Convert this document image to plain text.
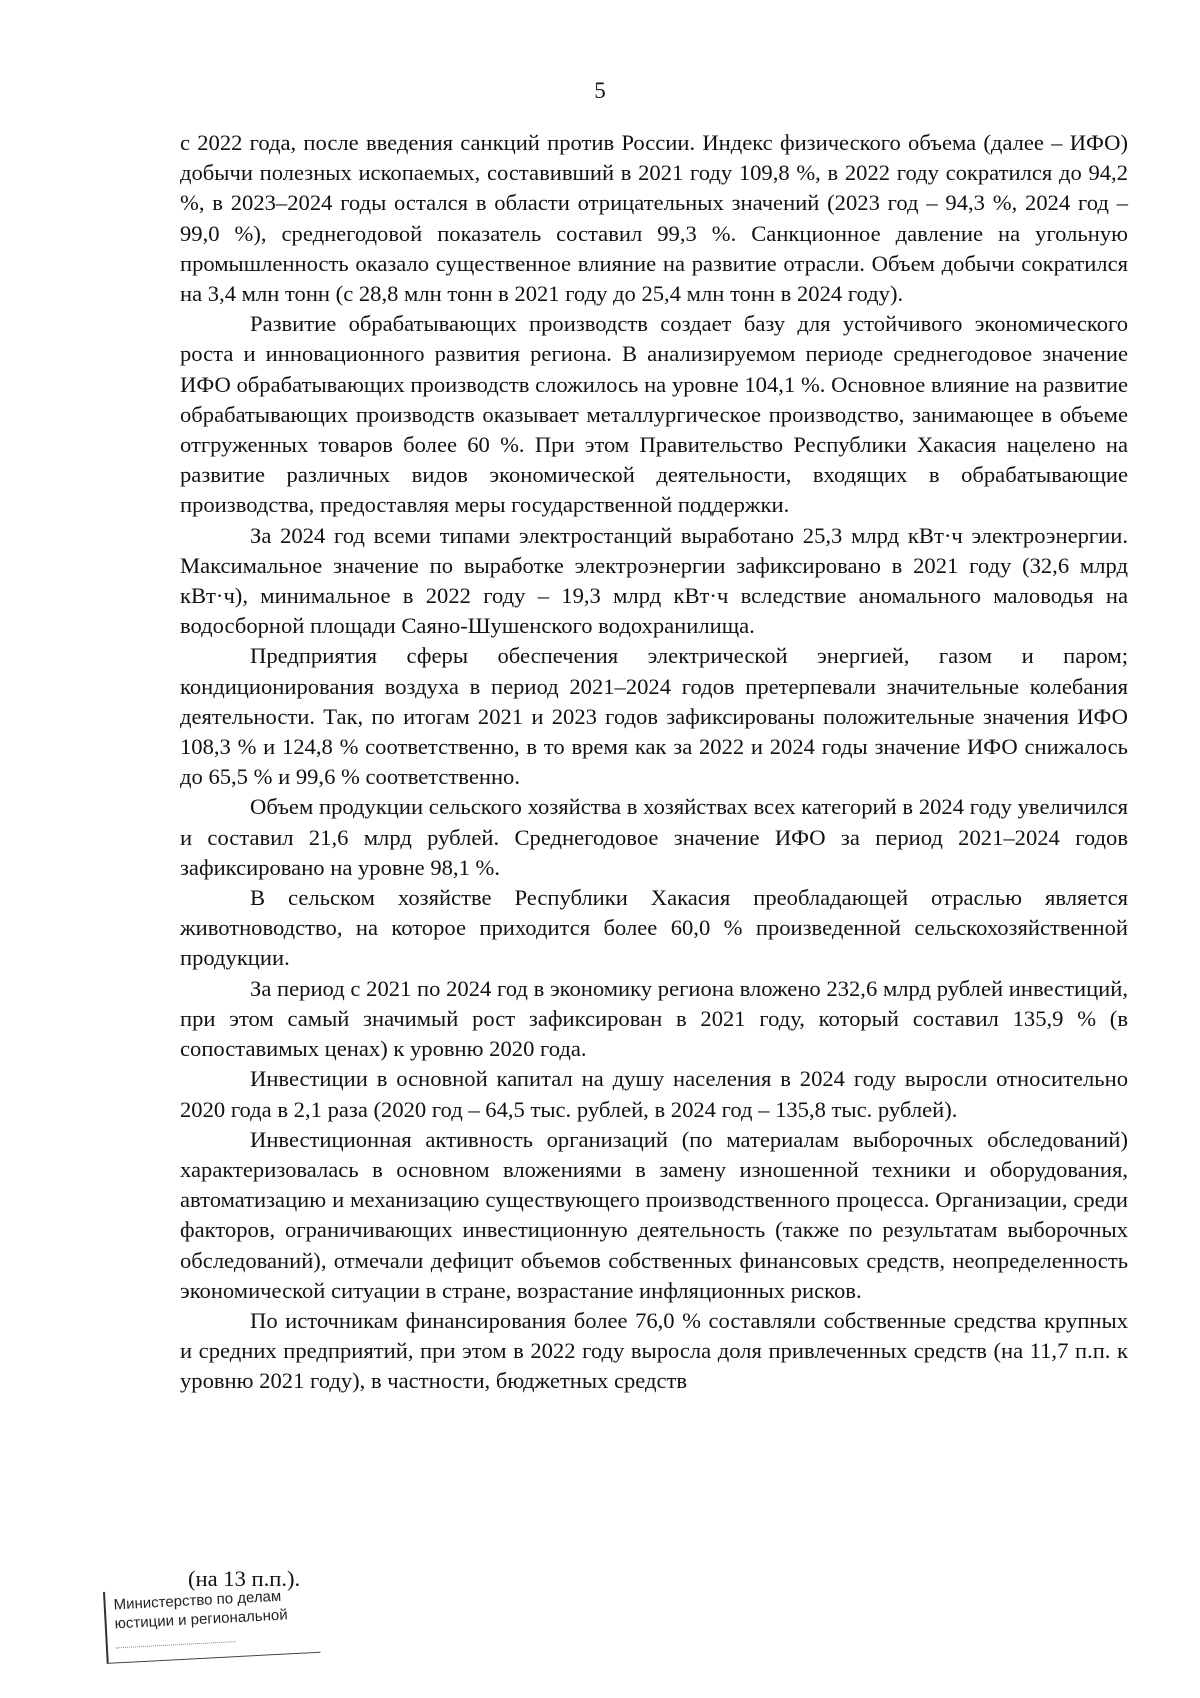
5

с 2022 года, после введения санкций против России. Индекс физического объема (далее – ИФО) добычи полезных ископаемых, составивший в 2021 году 109,8 %, в 2022 году сократился до 94,2 %, в 2023–2024 годы остался в области отрицательных значений (2023 год – 94,3 %, 2024 год – 99,0 %), среднегодовой показатель составил 99,3 %. Санкционное давление на угольную промышленность оказало существенное влияние на развитие отрасли. Объем добычи сократился на 3,4 млн тонн (с 28,8 млн тонн в 2021 году до 25,4 млн тонн в 2024 году).

Развитие обрабатывающих производств создает базу для устойчивого экономического роста и инновационного развития региона. В анализируемом периоде среднегодовое значение ИФО обрабатывающих производств сложилось на уровне 104,1 %. Основное влияние на развитие обрабатывающих производств оказывает металлургическое производство, занимающее в объеме отгруженных товаров более 60 %. При этом Правительство Республики Хакасия нацелено на развитие различных видов экономической деятельности, входящих в обрабатывающие производства, предоставляя меры государственной поддержки.

За 2024 год всеми типами электростанций выработано 25,3 млрд кВт·ч электроэнергии. Максимальное значение по выработке электроэнергии зафиксировано в 2021 году (32,6 млрд кВт·ч), минимальное в 2022 году – 19,3 млрд кВт·ч вследствие аномального маловодья на водосборной площади Саяно-Шушенского водохранилища.

Предприятия сферы обеспечения электрической энергией, газом и паром; кондиционирования воздуха в период 2021–2024 годов претерпевали значительные колебания деятельности. Так, по итогам 2021 и 2023 годов зафиксированы положительные значения ИФО 108,3 % и 124,8 % соответственно, в то время как за 2022 и 2024 годы значение ИФО снижалось до 65,5 % и 99,6 % соответственно.

Объем продукции сельского хозяйства в хозяйствах всех категорий в 2024 году увеличился и составил 21,6 млрд рублей. Среднегодовое значение ИФО за период 2021–2024 годов зафиксировано на уровне 98,1 %.

В сельском хозяйстве Республики Хакасия преобладающей отраслью является животноводство, на которое приходится более 60,0 % произведенной сельскохозяйственной продукции.

За период с 2021 по 2024 год в экономику региона вложено 232,6 млрд рублей инвестиций, при этом самый значимый рост зафиксирован в 2021 году, который составил 135,9 % (в сопоставимых ценах) к уровню 2020 года.

Инвестиции в основной капитал на душу населения в 2024 году выросли относительно 2020 года в 2,1 раза (2020 год – 64,5 тыс. рублей, в 2024 год – 135,8 тыс. рублей).

Инвестиционная активность организаций (по материалам выборочных обследований) характеризовалась в основном вложениями в замену изношенной техники и оборудования, автоматизацию и механизацию существующего производственного процесса. Организации, среди факторов, ограничивающих инвестиционную деятельность (также по результатам выборочных обследований), отмечали дефицит объемов собственных финансовых средств, неопределенность экономической ситуации в стране, возрастание инфляционных рисков.

По источникам финансирования более 76,0 % составляли собственные средства крупных и средних предприятий, при этом в 2022 году выросла доля привлеченных средств (на 11,7 п.п. к уровню 2021 году), в частности, бюджетных средств

(на 13 п.п.).
Министерство по делам
юстиции и региональной
